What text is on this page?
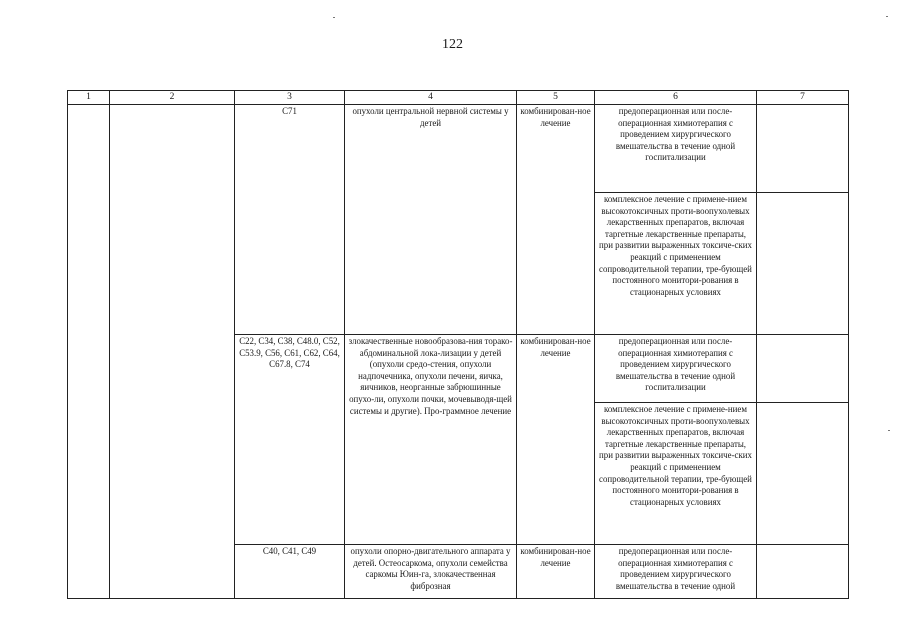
122
1	2	3	4	5	6	7
		C71	опухоли центральной нервной системы у детей	комбинирован-ное лечение	предоперационная или после-операционная химиотерапия с проведением хирургического вмешательства в течение одной госпитализации	
					комплексное лечение с примене-нием высокотоксичных проти-воопухолевых лекарственных препаратов, включая таргетные лекарственные препараты, при развитии выраженных токсиче-ских реакций с применением сопроводительной терапии, тре-бующей постоянного монитори-рования в стационарных условиях	
		C22, C34, C38, C48.0, C52, C53.9, C56, C61, C62, C64, C67.8, C74	злокачественные новообразова-ния торако-абдоминальной лока-лизации у детей (опухоли средо-стения, опухоли надпочечника, опухоли печени, яичка, яичников, неорганные забрюшинные опухо-ли, опухоли почки, мочевыводя-щей системы и другие). Про-граммное лечение	комбинирован-ное лечение	предоперационная или после-операционная химиотерапия с проведением хирургического вмешательства в течение одной госпитализации	
					комплексное лечение с примене-нием высокотоксичных проти-воопухолевых лекарственных препаратов, включая таргетные лекарственные препараты, при развитии выраженных токсиче-ских реакций с применением сопроводительной терапии, тре-бующей постоянного монитори-рования в стационарных условиях	
		C40, C41, C49	опухоли опорно-двигательного аппарата у детей. Остеосаркома, опухоли семейства саркомы Юин-га, злокачественная фиброзная	комбинирован-ное лечение	предоперационная или после-операционная химиотерапия с проведением хирургического вмешательства в течение одной	
